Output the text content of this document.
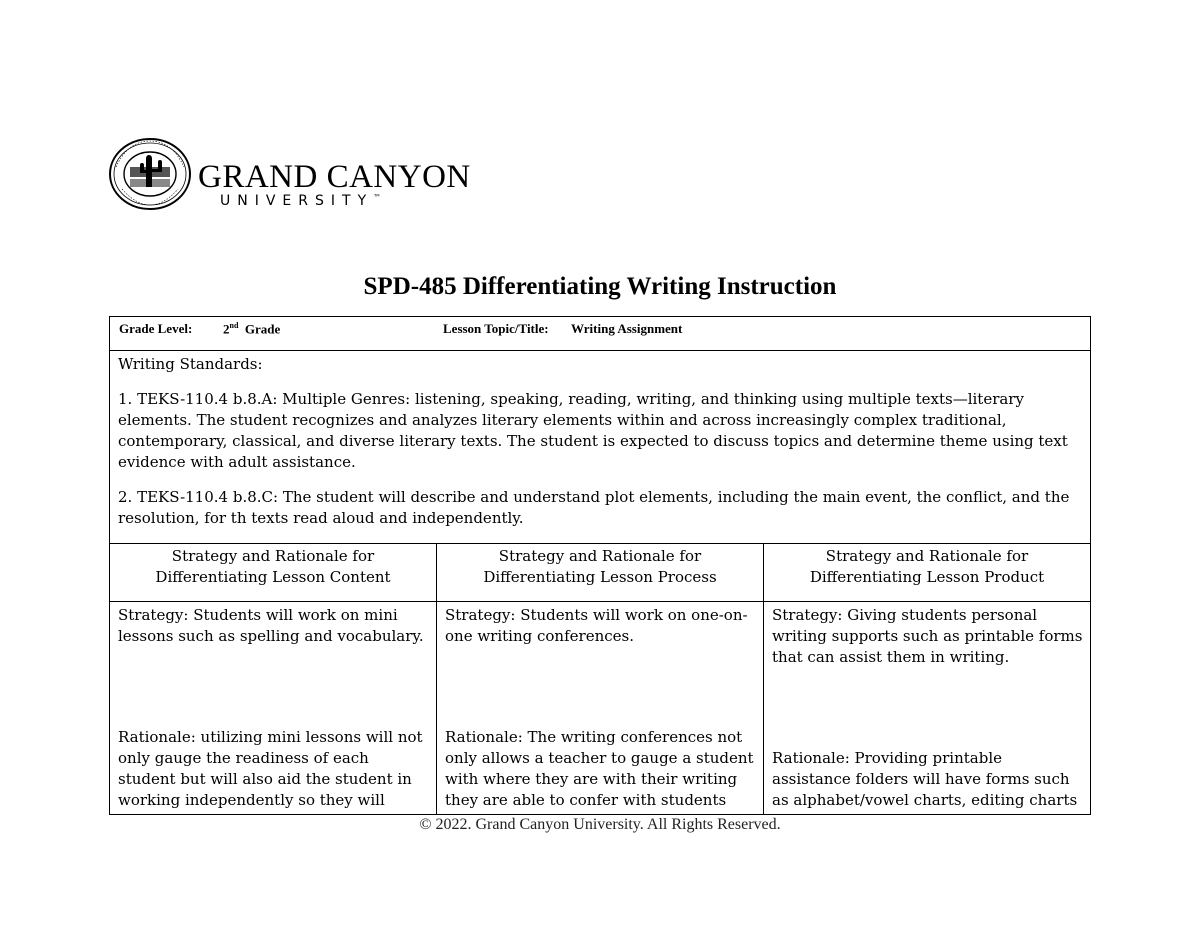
GRAND CANYON
UNIVERSITY™
SPD-485 Differentiating Writing Instruction
Grade Level: 2nd Grade	Lesson Topic/Title: Writing Assignment

Writing Standards:

1. TEKS-110.4 b.8.A: Multiple Genres: listening, speaking, reading, writing, and thinking using multiple texts—literary elements. The student recognizes and analyzes literary elements within and across increasingly complex traditional, contemporary, classical, and diverse literary texts. The student is expected to discuss topics and determine theme using text evidence with adult assistance.

2. TEKS-110.4 b.8.C: The student will describe and understand plot elements, including the main event, the conflict, and the resolution, for th texts read aloud and independently.

Strategy and Rationale for
Differentiating Lesson Content
Strategy: Students will work on mini lessons such as spelling and vocabulary.
Rationale: utilizing mini lessons will not only gauge the readiness of each student but will also aid the student in working independently so they will
Strategy and Rationale for
Differentiating Lesson Process
Strategy: Students will work on one-on-one writing conferences.
Rationale: The writing conferences not only allows a teacher to gauge a student with where they are with their writing they are able to confer with students
Strategy and Rationale for
Differentiating Lesson Product
Strategy: Giving students personal writing supports such as printable forms that can assist them in writing.
Rationale: Providing printable assistance folders will have forms such as alphabet/vowel charts, editing charts
© 2022. Grand Canyon University. All Rights Reserved.
